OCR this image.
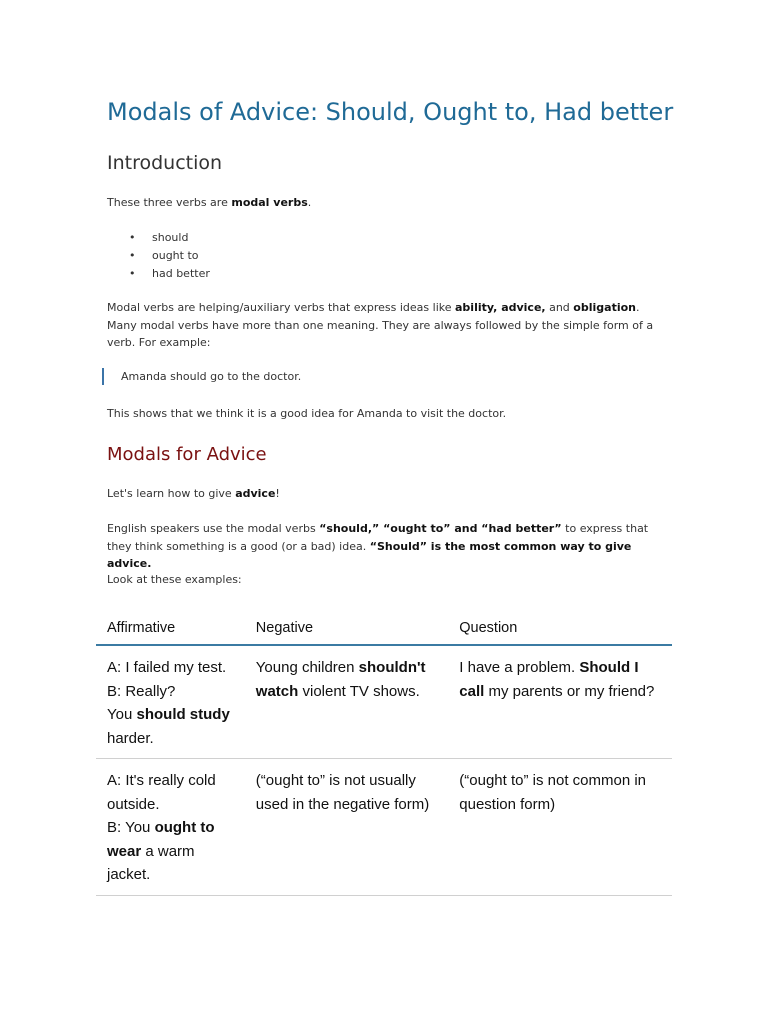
Modals of Advice: Should, Ought to, Had better
Introduction

These three verbs are modal verbs.

• should
• ought to
• had better

Modal verbs are helping/auxiliary verbs that express ideas like ability, advice, and obligation. Many modal verbs have more than one meaning. They are always followed by the simple form of a verb. For example:

Amanda should go to the doctor.

This shows that we think it is a good idea for Amanda to visit the doctor.

Modals for Advice

Let's learn how to give advice!

English speakers use the modal verbs “should,” “ought to” and “had better” to express that they think something is a good (or a bad) idea. “Should” is the most common way to give advice.

Look at these examples:

Affirmative	Negative	Question

A: I failed my test.
B: Really?
You should study harder.	Young children shouldn't watch violent TV shows.	I have a problem. Should I call my parents or my friend?

A: It's really cold outside.
B: You ought to wear a warm jacket.	(“ought to” is not usually used in the negative form)	(“ought to” is not common in question form)
